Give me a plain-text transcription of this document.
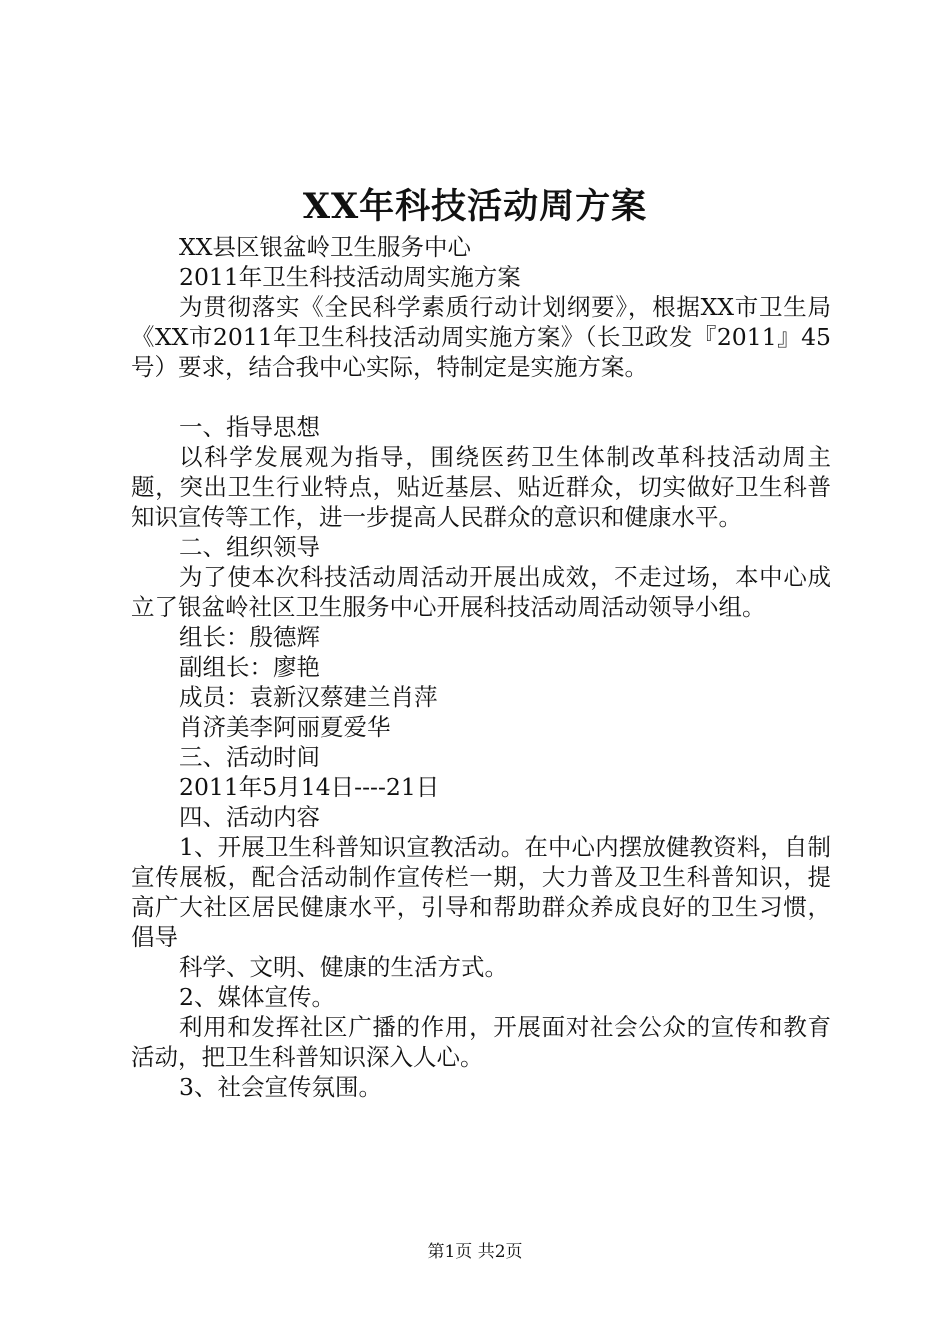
XX年科技活动周方案
XX县区银盆岭卫生服务中心
2011年卫生科技活动周实施方案
为贯彻落实《全民科学素质行动计划纲要》，根据XX市卫生局《XX市2011年卫生科技活动周实施方案》（长卫政发『2011』45号）要求，结合我中心实际，特制定是实施方案。
一、指导思想
以科学发展观为指导，围绕医药卫生体制改革科技活动周主题，突出卫生行业特点，贴近基层、贴近群众，切实做好卫生科普知识宣传等工作，进一步提高人民群众的意识和健康水平。
二、组织领导
为了使本次科技活动周活动开展出成效，不走过场，本中心成立了银盆岭社区卫生服务中心开展科技活动周活动领导小组。
组长：殷德辉
副组长：廖艳
成员：袁新汉蔡建兰肖萍
肖济美李阿丽夏爱华
三、活动时间
2011年5月14日----21日
四、活动内容
1、开展卫生科普知识宣教活动。在中心内摆放健教资料，自制宣传展板，配合活动制作宣传栏一期，大力普及卫生科普知识，提高广大社区居民健康水平，引导和帮助群众养成良好的卫生习惯，倡导
科学、文明、健康的生活方式。
2、媒体宣传。
利用和发挥社区广播的作用，开展面对社会公众的宣传和教育活动，把卫生科普知识深入人心。
3、社会宣传氛围。
第1页 共2页
